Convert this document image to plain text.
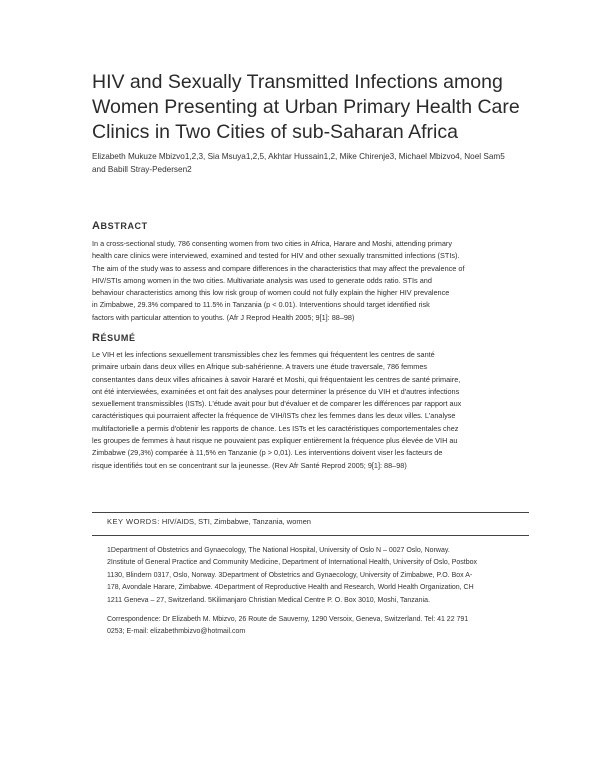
HIV and Sexually Transmitted Infections among
Women Presenting at Urban Primary Health Care
Clinics in Two Cities of sub-Saharan Africa
Elizabeth Mukuze Mbizvo1,2,3, Sia Msuya1,2,5, Akhtar Hussain1,2, Mike Chirenje3, Michael Mbizvo4, Noel Sam5
and Babill Stray-Pedersen2
ABSTRACT
In a cross-sectional study, 786 consenting women from two cities in Africa, Harare and Moshi, attending primary
health care clinics were interviewed, examined and tested for HIV and other sexually transmitted infections (STIs).
The aim of the study was to assess and compare differences in the characteristics that may affect the prevalence of
HIV/STIs among women in the two cities. Multivariate analysis was used to generate odds ratio. STIs and
behaviour characteristics among this low risk group of women could not fully explain the higher HIV prevalence
in Zimbabwe, 29.3% compared to 11.5% in Tanzania (p < 0.01). Interventions should target identified risk
factors with particular attention to youths. (Afr J Reprod Health 2005; 9[1]: 88–98)
RÉSUMÉ
Le VIH et les infections sexuellement transmissibles chez les femmes qui fréquentent les centres de santé
primaire urbain dans deux villes en Afrique sub-sahérienne. A travers une étude traversale, 786 femmes
consentantes dans deux villes africaines à savoir Hararé et Moshi, qui fréquentaient les centres de santé primaire,
ont été interviewées, examinées et ont fait des analyses pour determiner la présence du VIH et d'autres infections
sexuellement transmissibles (ISTs). L'étude avait pour but d'évaluer et de comparer les différences par rapport aux
caractéristiques qui pourraient affecter la fréquence de VIH/ISTs chez les femmes dans les deux villes. L'analyse
multifactorielle a permis d'obtenir les rapports de chance. Les ISTs et les caractéristiques comportementales chez
les groupes de femmes à haut risque ne pouvaient pas expliquer entièrement la fréquence plus élevée de VIH au
Zimbabwe (29,3%) comparée à 11,5% en Tanzanie (p > 0,01). Les interventions doivent viser les facteurs de
risque identifiés tout en se concentrant sur la jeunesse. (Rev Afr Santé Reprod 2005; 9[1]: 88–98)
KEY WORDS: HIV/AIDS, STI, Zimbabwe, Tanzania, women
1Department of Obstetrics and Gynaecology, The National Hospital, University of Oslo N – 0027 Oslo, Norway.
2Institute of General Practice and Community Medicine, Department of International Health, University of Oslo, Postbox
1130, Blindern 0317, Oslo, Norway. 3Department of Obstetrics and Gynaecology, University of Zimbabwe, P.O. Box A-
178, Avondale Harare, Zimbabwe. 4Department of Reproductive Health and Research, World Health Organization, CH
1211 Geneva – 27, Switzerland. 5Kilimanjaro Christian Medical Centre P. O. Box 3010, Moshi, Tanzania.
Correspondence: Dr Elizabeth M. Mbizvo, 26 Route de Sauverny, 1290 Versoix, Geneva, Switzerland. Tel: 41 22 791
0253; E-mail: elizabethmbizvo@hotmail.com
